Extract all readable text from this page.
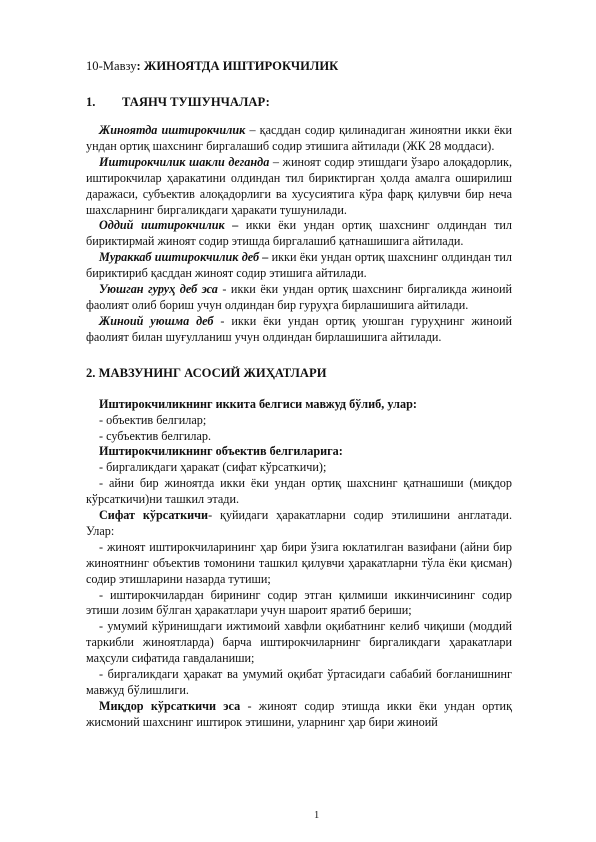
10-Мавзу: ЖИНОЯТДА ИШТИРОКЧИЛИК
1. ТАЯНЧ ТУШУНЧАЛАР:

Жиноятда иштирокчилик – қасддан содир қилинадиган жиноятни икки ёки ундан ортиқ шахснинг биргалашиб содир этишига айтилади (ЖК 28 моддаси).

Иштирокчилик шакли деганда – жиноят содир этишдаги ўзаро алоқадорлик, иштирокчилар ҳаракатини олдиндан тил бириктирган ҳолда амалга оширилиш даражаси, субъектив алоқадорлиги ва хусусиятига кўра фарқ қилувчи бир неча шахсларнинг биргаликдаги ҳаракати тушунилади.

Оддий иштирокчилик – икки ёки ундан ортиқ шахснинг олдиндан тил бириктирмай жиноят содир этишда биргалашиб қатнашишига айтилади.

Мураккаб иштирокчилик деб – икки ёки ундан ортиқ шахснинг олдиндан тил бириктириб қасддан жиноят содир этишига айтилади.

Уюшган гуруҳ деб эса - икки ёки ундан ортиқ шахснинг биргаликда жиноий фаолият олиб бориш учун олдиндан бир гуруҳга бирлашишига айтилади.

Жиноий уюшма деб - икки ёки ундан ортиқ уюшган гуруҳнинг жиноий фаолият билан шуғулланиш учун олдиндан бирлашишига айтилади.

2. МАВЗУНИНГ АСОСИЙ ЖИҲАТЛАРИ

Иштирокчиликнинг иккита белгиси мавжуд бўлиб, улар:

- объектив белгилар;

- субъектив белгилар.

Иштирокчиликнинг объектив белгиларига:

- биргаликдаги ҳаракат (сифат кўрсаткичи);

- айни бир жиноятда икки ёки ундан ортиқ шахснинг қатнашиши (миқдор кўрсаткичи)ни ташкил этади.

Сифат кўрсаткичи- қуйидаги ҳаракатларни содир этилишини англатади. Улар:

- жиноят иштирокчиларининг ҳар бири ўзига юклатилган вазифани (айни бир жиноятнинг объектив томонини ташкил қилувчи ҳаракатларни тўла ёки қисман) содир этишларини назарда тутиши;

- иштирокчилардан бирининг содир этган қилмиши иккинчисининг содир этиши лозим бўлган ҳаракатлари учун шароит яратиб бериши;

- умумий кўринишдаги ижтимоий хавфли оқибатнинг келиб чиқиши (моддий таркибли жиноятларда) барча иштирокчиларнинг биргаликдаги ҳаракатлари маҳсули сифатида гавдаланиши;

- биргаликдаги ҳаракат ва умумий оқибат ўртасидаги сабабий боғланишнинг мавжуд бўлишлиги.

Миқдор кўрсаткичи эса - жиноят содир этишда икки ёки ундан ортиқ жисмоний шахснинг иштирок этишини, уларнинг ҳар бири жиноий

1
